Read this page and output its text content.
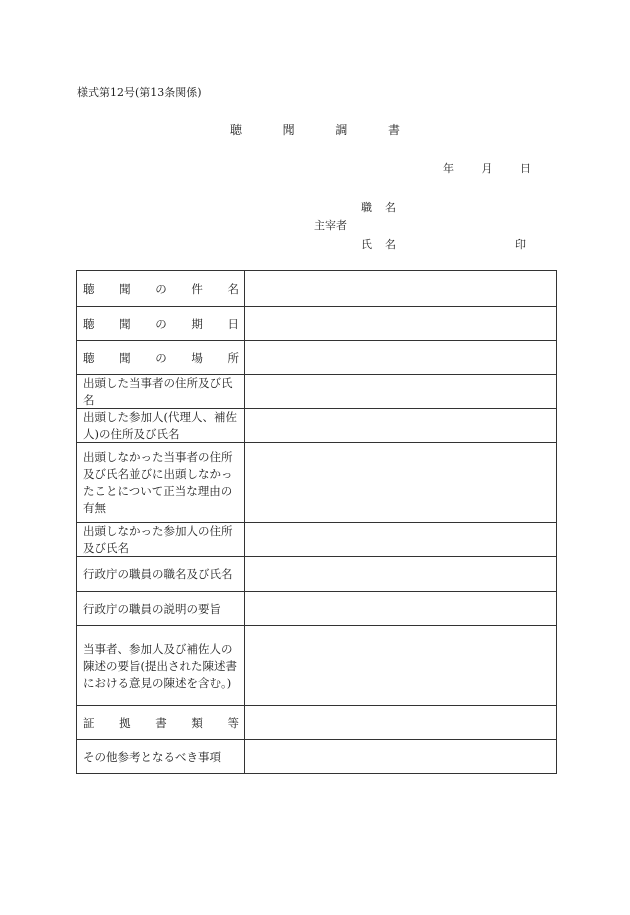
様式第12号(第13条関係)
聴	聞	調	書
年	月	日
職 名
主宰者
氏 名	印
聴 聞 の 件 名
聴 聞 の 期 日
聴 聞 の 場 所
出頭した当事者の住所及び氏名
出頭した参加人(代理人、補佐人)の住所及び氏名
出頭しなかった当事者の住所及び氏名並びに出頭しなかったことについて正当な理由の有無
出頭しなかった参加人の住所及び氏名
行政庁の職員の職名及び氏名
行政庁の職員の説明の要旨
当事者、参加人及び補佐人の陳述の要旨(提出された陳述書における意見の陳述を含む。)
証 拠 書 類 等
その他参考となるべき事項
